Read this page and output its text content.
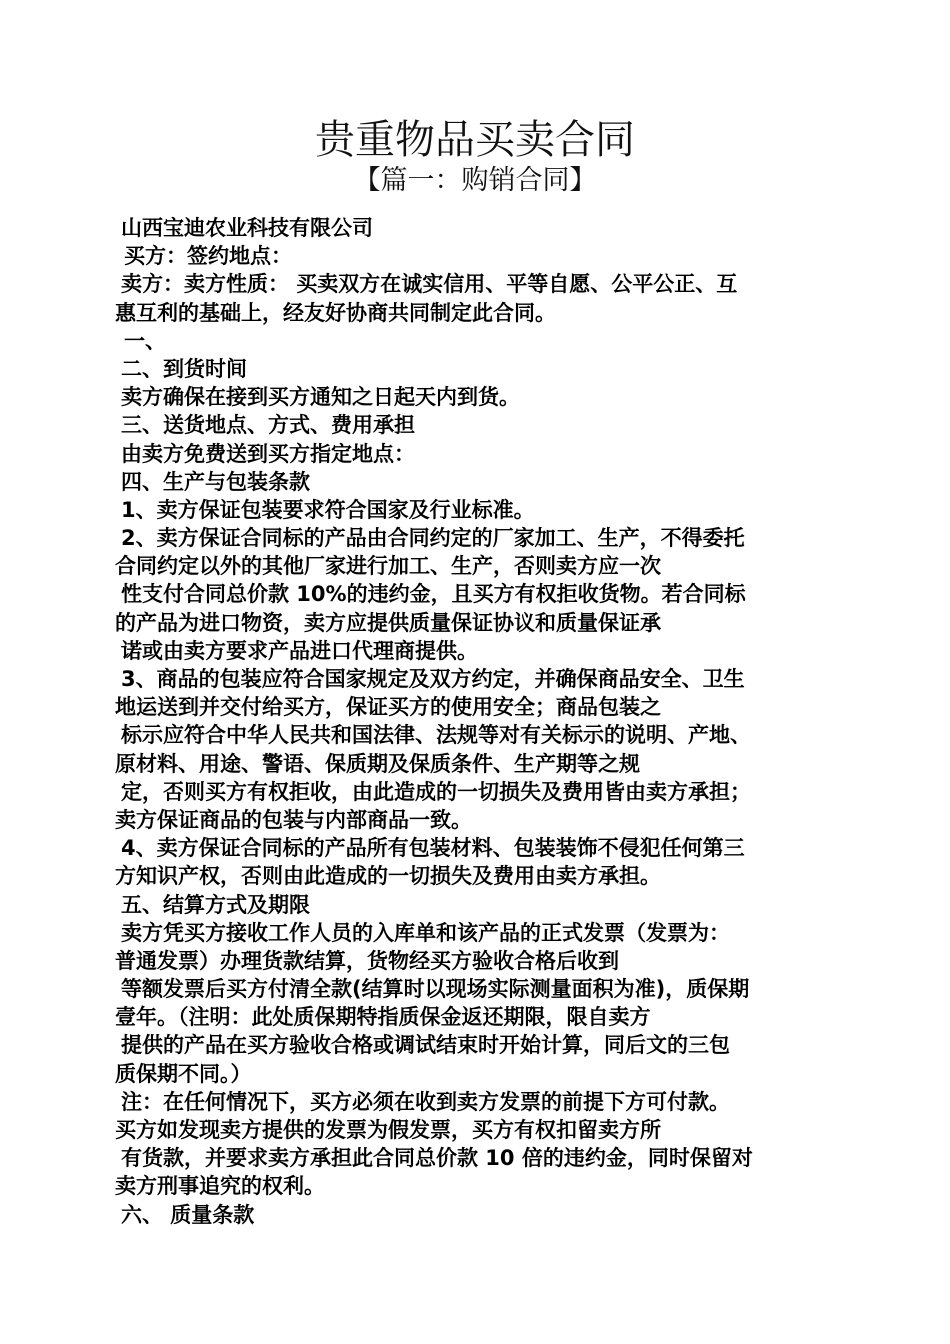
贵重物品买卖合同
【篇一：购销合同】
山西宝迪农业科技有限公司
买方：签约地点：
卖方：卖方性质： 买卖双方在诚实信用、平等自愿、公平公正、互
惠互利的基础上，经友好协商共同制定此合同。
一、
二、到货时间
卖方确保在接到买方通知之日起天内到货。
三、送货地点、方式、费用承担
由卖方免费送到买方指定地点：
四、生产与包装条款
1、卖方保证包装要求符合国家及行业标准。
2、卖方保证合同标的产品由合同约定的厂家加工、生产，不得委托
合同约定以外的其他厂家进行加工、生产，否则卖方应一次
性支付合同总价款 10%的违约金，且买方有权拒收货物。若合同标
的产品为进口物资，卖方应提供质量保证协议和质量保证承
诺或由卖方要求产品进口代理商提供。
3、商品的包装应符合国家规定及双方约定，并确保商品安全、卫生
地运送到并交付给买方，保证买方的使用安全；商品包装之
标示应符合中华人民共和国法律、法规等对有关标示的说明、产地、
原材料、用途、警语、保质期及保质条件、生产期等之规
定，否则买方有权拒收，由此造成的一切损失及费用皆由卖方承担；
卖方保证商品的包装与内部商品一致。
4、卖方保证合同标的产品所有包装材料、包装装饰不侵犯任何第三
方知识产权，否则由此造成的一切损失及费用由卖方承担。
五、结算方式及期限
卖方凭买方接收工作人员的入库单和该产品的正式发票（发票为：
普通发票）办理货款结算，货物经买方验收合格后收到
等额发票后买方付清全款(结算时以现场实际测量面积为准)，质保期
壹年。（注明：此处质保期特指质保金返还期限，限自卖方
提供的产品在买方验收合格或调试结束时开始计算，同后文的三包
质保期不同。）
注：在任何情况下，买方必须在收到卖方发票的前提下方可付款。
买方如发现卖方提供的发票为假发票，买方有权扣留卖方所
有货款，并要求卖方承担此合同总价款 10 倍的违约金，同时保留对
卖方刑事追究的权利。
六、 质量条款
